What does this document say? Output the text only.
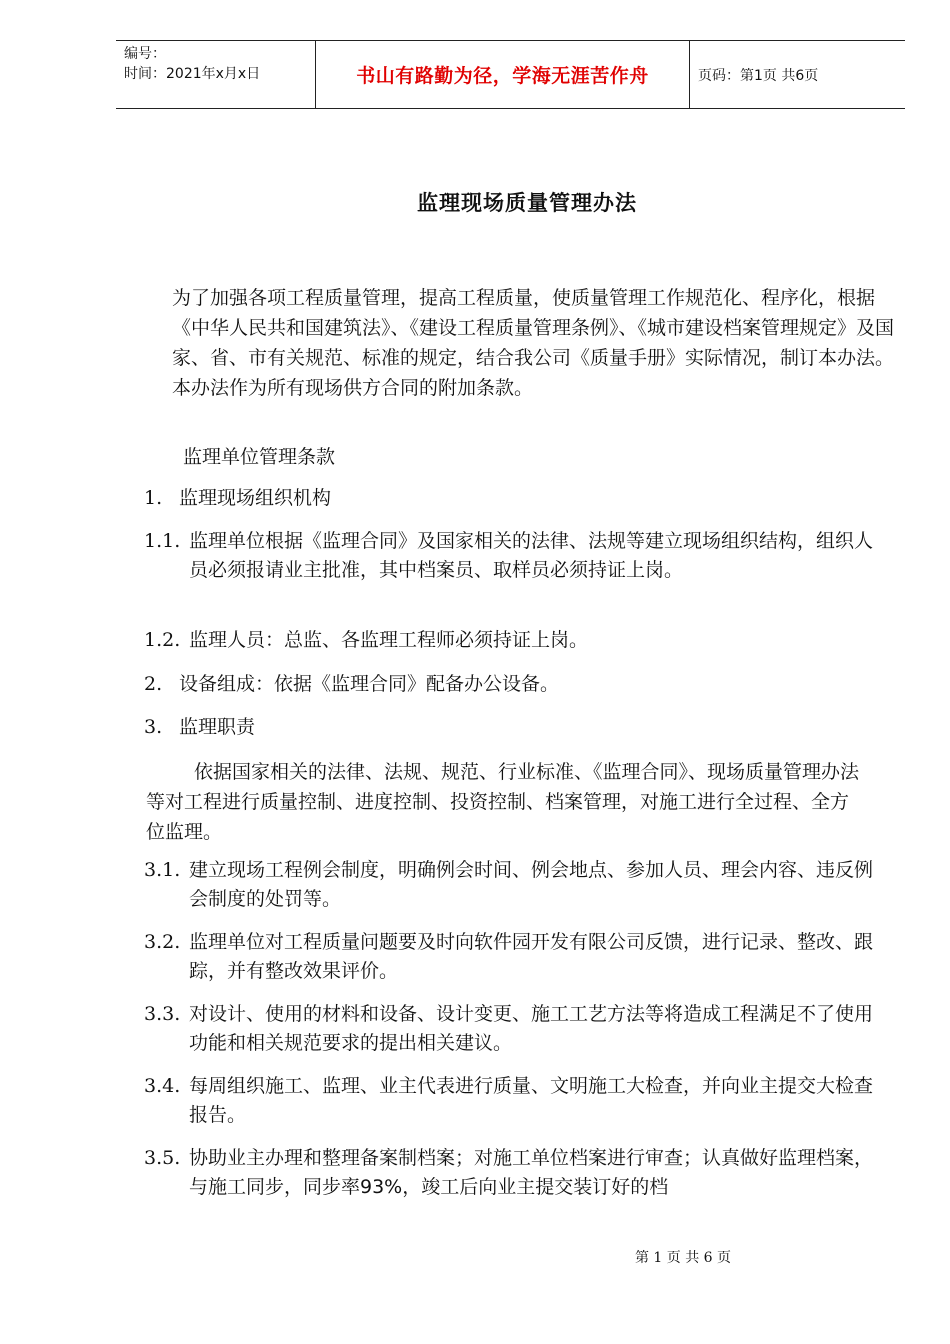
编号：
时间：2021年x月x日	书山有路勤为径，学海无涯苦作舟	页码：第1页 共6页
监理现场质量管理办法

为了加强各项工程质量管理，提高工程质量，使质量管理工作规范化、程序化，根据《中华人民共和国建筑法》、《建设工程质量管理条例》、《城市建设档案管理规定》及国家、省、市有关规范、标准的规定，结合我公司《质量手册》实际情况，制订本办法。本办法作为所有现场供方合同的附加条款。

监理单位管理条款
1. 监理现场组织机构
1.1. 监理单位根据《监理合同》及国家相关的法律、法规等建立现场组织结构，组织人员必须报请业主批准，其中档案员、取样员必须持证上岗。
1.2. 监理人员：总监、各监理工程师必须持证上岗。
2. 设备组成：依据《监理合同》配备办公设备。
3. 监理职责

依据国家相关的法律、法规、规范、行业标准、《监理合同》、现场质量管理办法等对工程进行质量控制、进度控制、投资控制、档案管理，对施工进行全过程、全方位监理。

3.1. 建立现场工程例会制度，明确例会时间、例会地点、参加人员、理会内容、违反例会制度的处罚等。
3.2. 监理单位对工程质量问题要及时向软件园开发有限公司反馈，进行记录、整改、跟踪，并有整改效果评价。
3.3. 对设计、使用的材料和设备、设计变更、施工工艺方法等将造成工程满足不了使用功能和相关规范要求的提出相关建议。
3.4. 每周组织施工、监理、业主代表进行质量、文明施工大检查，并向业主提交大检查报告。
3.5. 协助业主办理和整理备案制档案；对施工单位档案进行审查；认真做好监理档案，与施工同步，同步率93%，竣工后向业主提交装订好的档
第 1 页 共 6 页
